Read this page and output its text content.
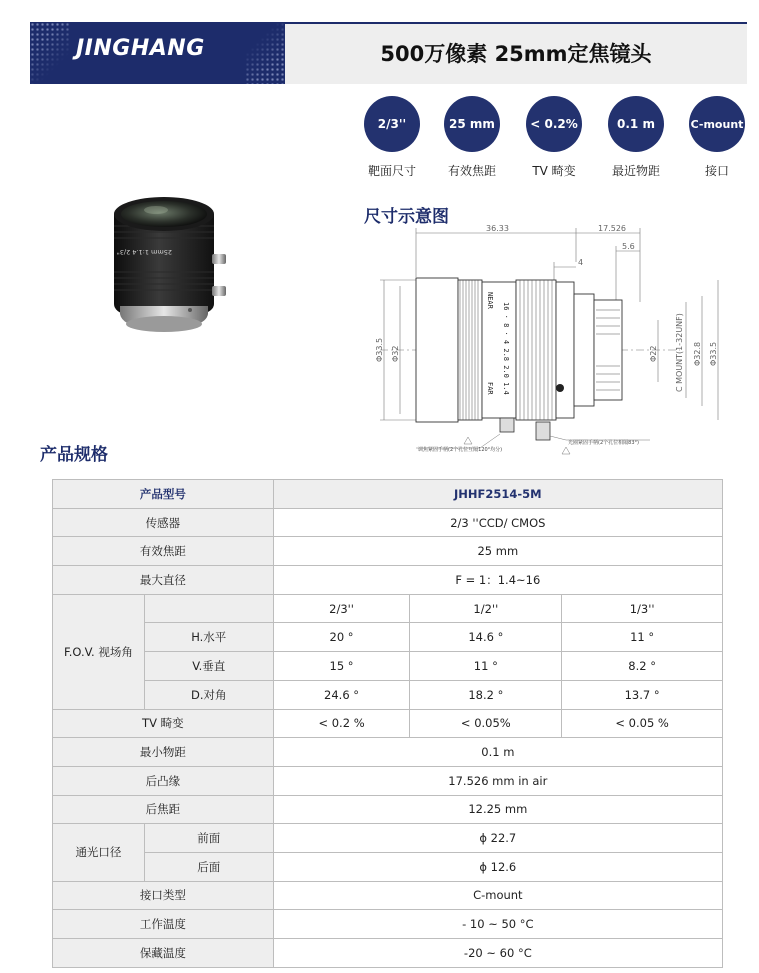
JINGHANG	500万像素 25mm定焦镜头
2/3''
靶面尺寸
25 mm
有效焦距
< 0.2%
TV 畸变
0.1 m
最近物距
C-mount
接口
25mm 1:1.4 2/3"
尺寸示意图
NEAR
16 · 8 · 4 2.8 2.0 1.4
FAR
36.33	17.526
5.6
4
Φ33.5 Φ32	Φ22 C MOUNT(1-32UNF) Φ32.8 Φ33.5
调焦紧固手柄(2个孔位互隔120°均分)
光圈紧固手柄(2个孔位相隔83°)
产品规格
产品型号		JHHF2514-5M		
传感器		2/3 ''CCD/ CMOS		
有效焦距		25 mm		
最大直径		F = 1：1.4~16		
F.O.V. 视场角		2/3''	1/2''	1/3''
	H.水平	20 °	14.6 °	11 °
	V.垂直	15 °	11 °	8.2 °
	D.对角	24.6 °	18.2 °	13.7 °
TV 畸变		< 0.2 %	< 0.05%	< 0.05 %
最小物距		0.1 m		
后凸缘		17.526 mm in air		
后焦距		12.25 mm		
通光口径	前面	ϕ 22.7		
	后面	ϕ 12.6		
接口类型		C-mount		
工作温度		- 10 ~ 50 °C		
保藏温度		-20 ~ 60 °C		
